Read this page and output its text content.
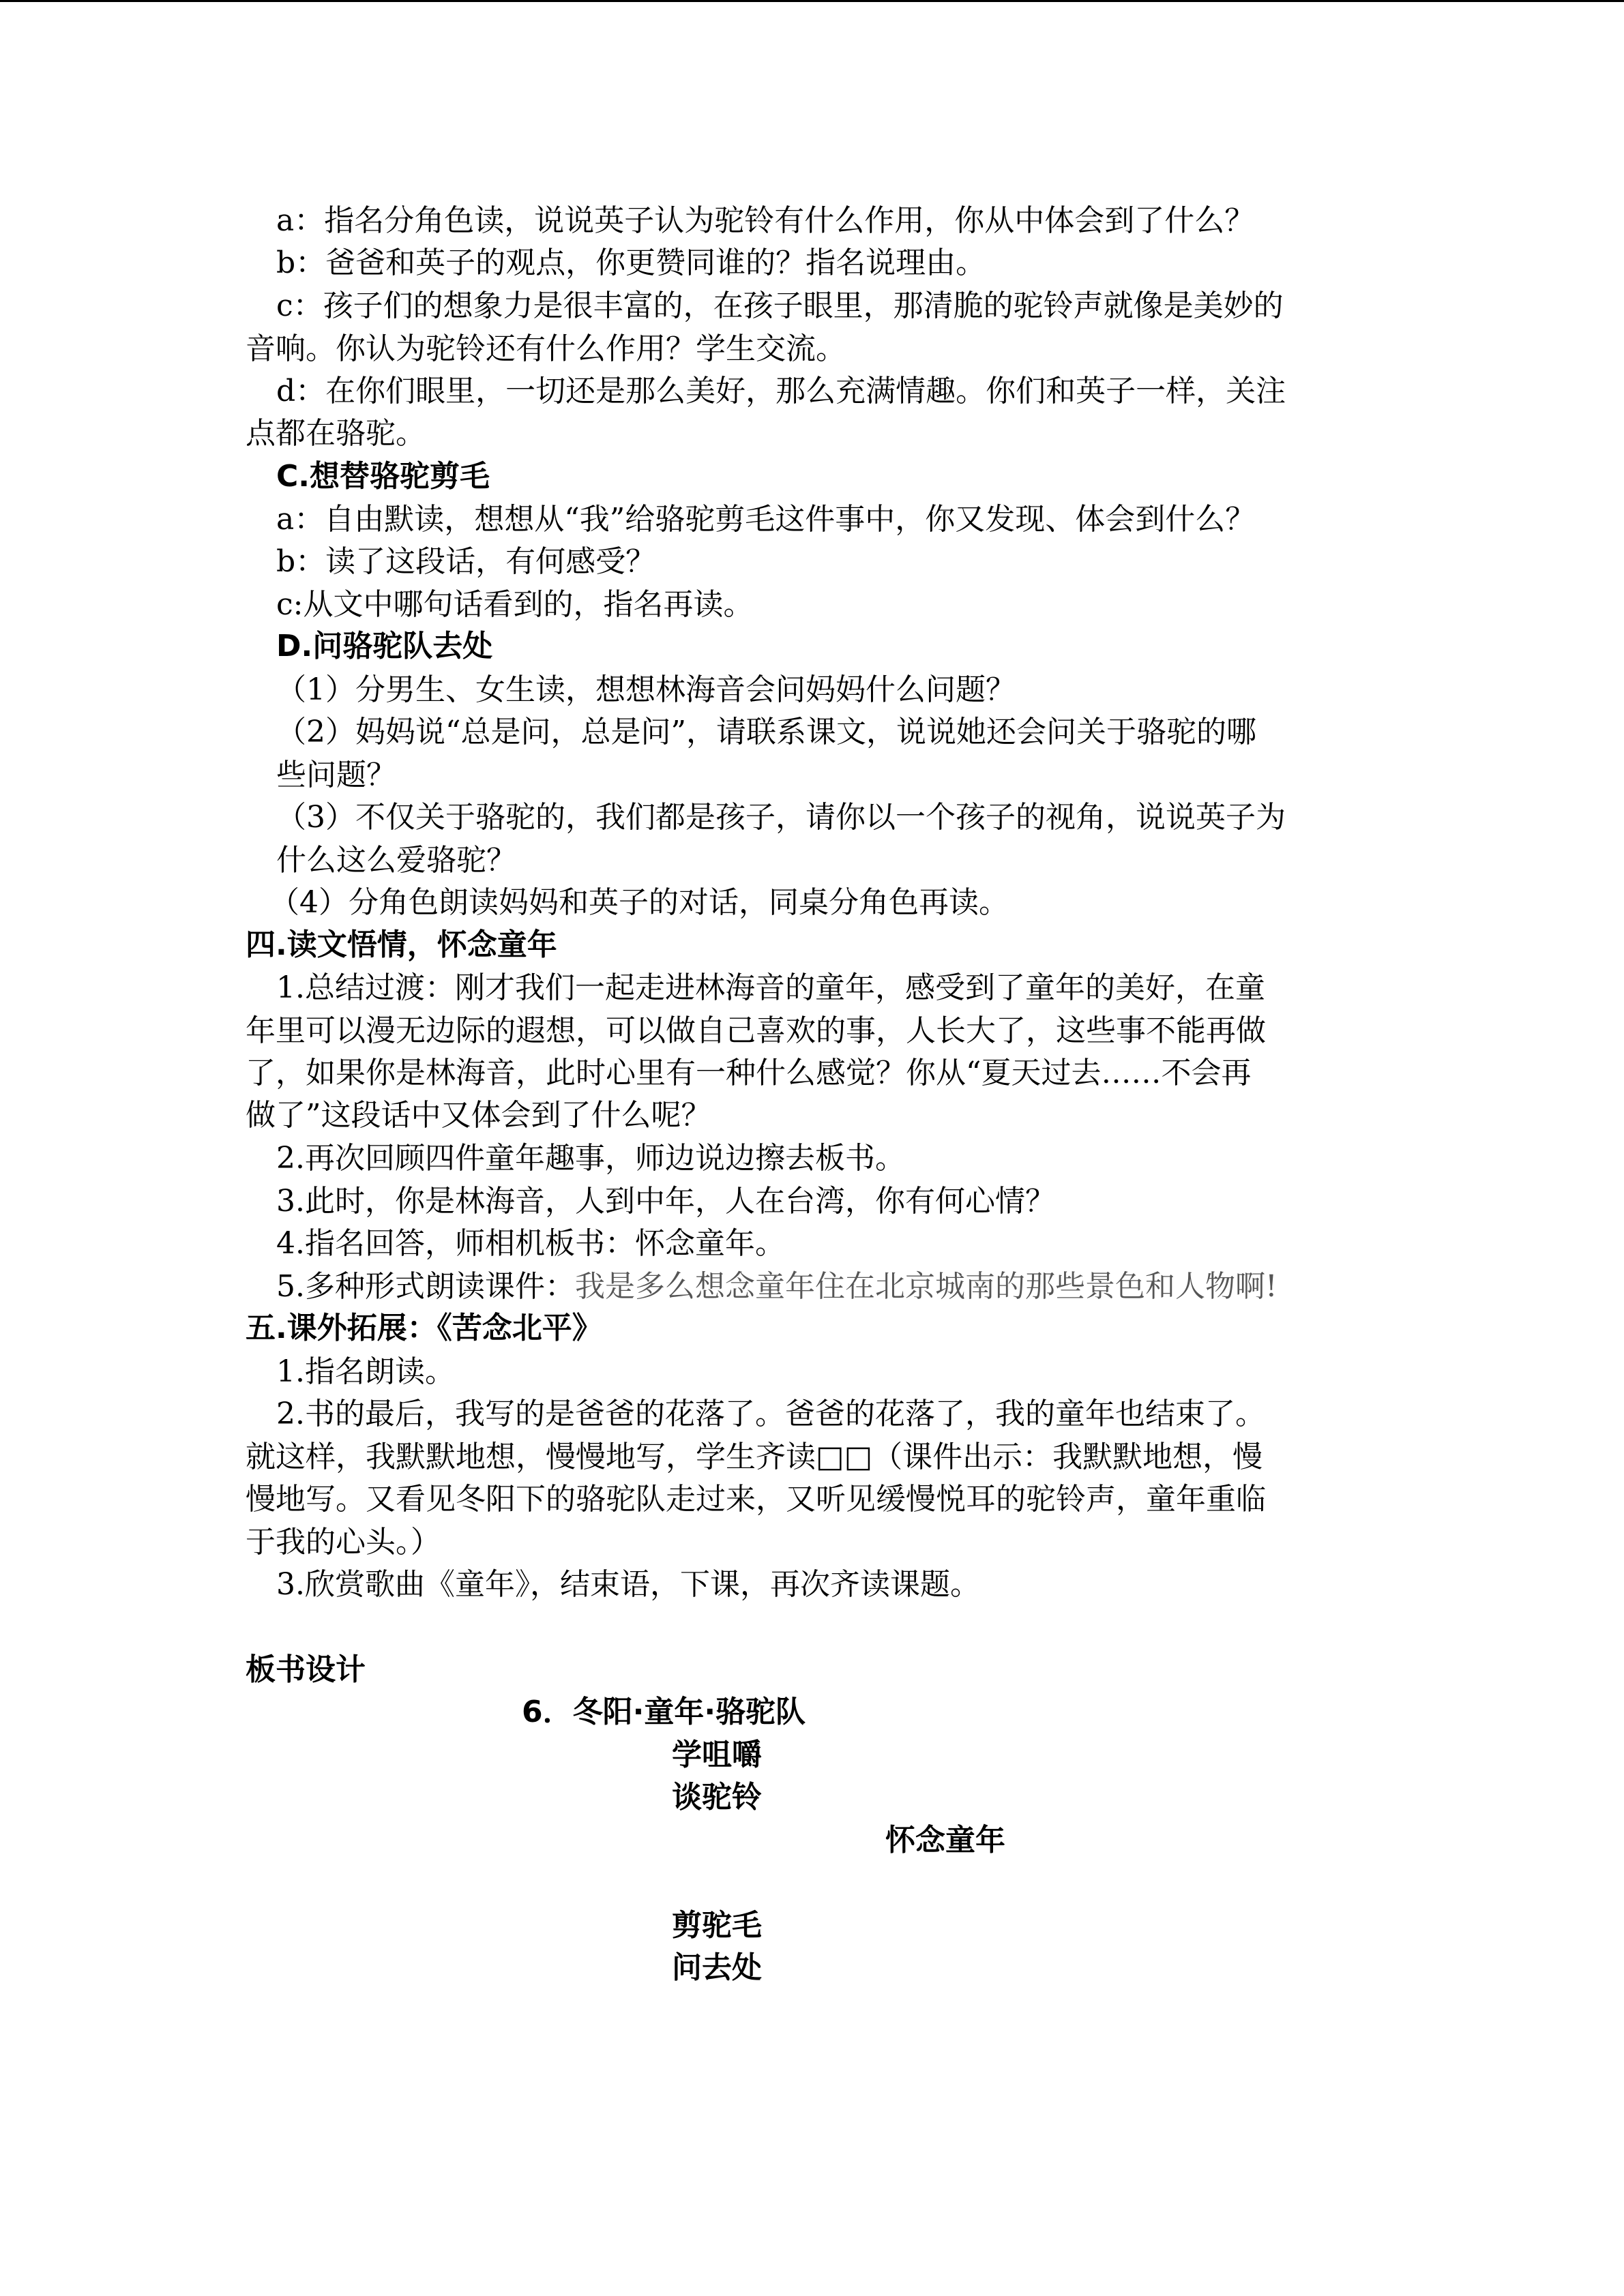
a：指名分角色读，说说英子认为驼铃有什么作用，你从中体会到了什么？

b：爸爸和英子的观点，你更赞同谁的？指名说理由。

c：孩子们的想象力是很丰富的，在孩子眼里，那清脆的驼铃声就像是美妙的

音响。你认为驼铃还有什么作用？学生交流。

d：在你们眼里，一切还是那么美好，那么充满情趣。你们和英子一样，关注

点都在骆驼。

C.想替骆驼剪毛

a：自由默读，想想从“我”给骆驼剪毛这件事中，你又发现、体会到什么？

b：读了这段话，有何感受？

c:从文中哪句话看到的，指名再读。

D.问骆驼队去处

（1）分男生、女生读，想想林海音会问妈妈什么问题？

（2）妈妈说“总是问，总是问”，请联系课文，说说她还会问关于骆驼的哪

些问题？

（3）不仅关于骆驼的，我们都是孩子，请你以一个孩子的视角，说说英子为

什么这么爱骆驼？

（4）分角色朗读妈妈和英子的对话，同桌分角色再读。

四.读文悟情，怀念童年

1.总结过渡：刚才我们一起走进林海音的童年，感受到了童年的美好，在童

年里可以漫无边际的遐想，可以做自己喜欢的事，人长大了，这些事不能再做

了，如果你是林海音，此时心里有一种什么感觉？你从“夏天过去……不会再

做了”这段话中又体会到了什么呢？

2.再次回顾四件童年趣事，师边说边擦去板书。

3.此时，你是林海音，人到中年，人在台湾，你有何心情？

4.指名回答，师相机板书：怀念童年。

5.多种形式朗读课件：我是多么想念童年住在北京城南的那些景色和人物啊!

五.课外拓展：《苦念北平》

1.指名朗读。

2.书的最后，我写的是爸爸的花落了。爸爸的花落了，我的童年也结束了。

就这样，我默默地想，慢慢地写，学生齐读□□（课件出示：我默默地想，慢

慢地写。又看见冬阳下的骆驼队走过来，又听见缓慢悦耳的驼铃声，童年重临

于我的心头。）

3.欣赏歌曲《童年》，结束语，下课，再次齐读课题。

板书设计

6．冬阳·童年·骆驼队
学咀嚼
谈驼铃
怀念童年
剪驼毛
问去处
